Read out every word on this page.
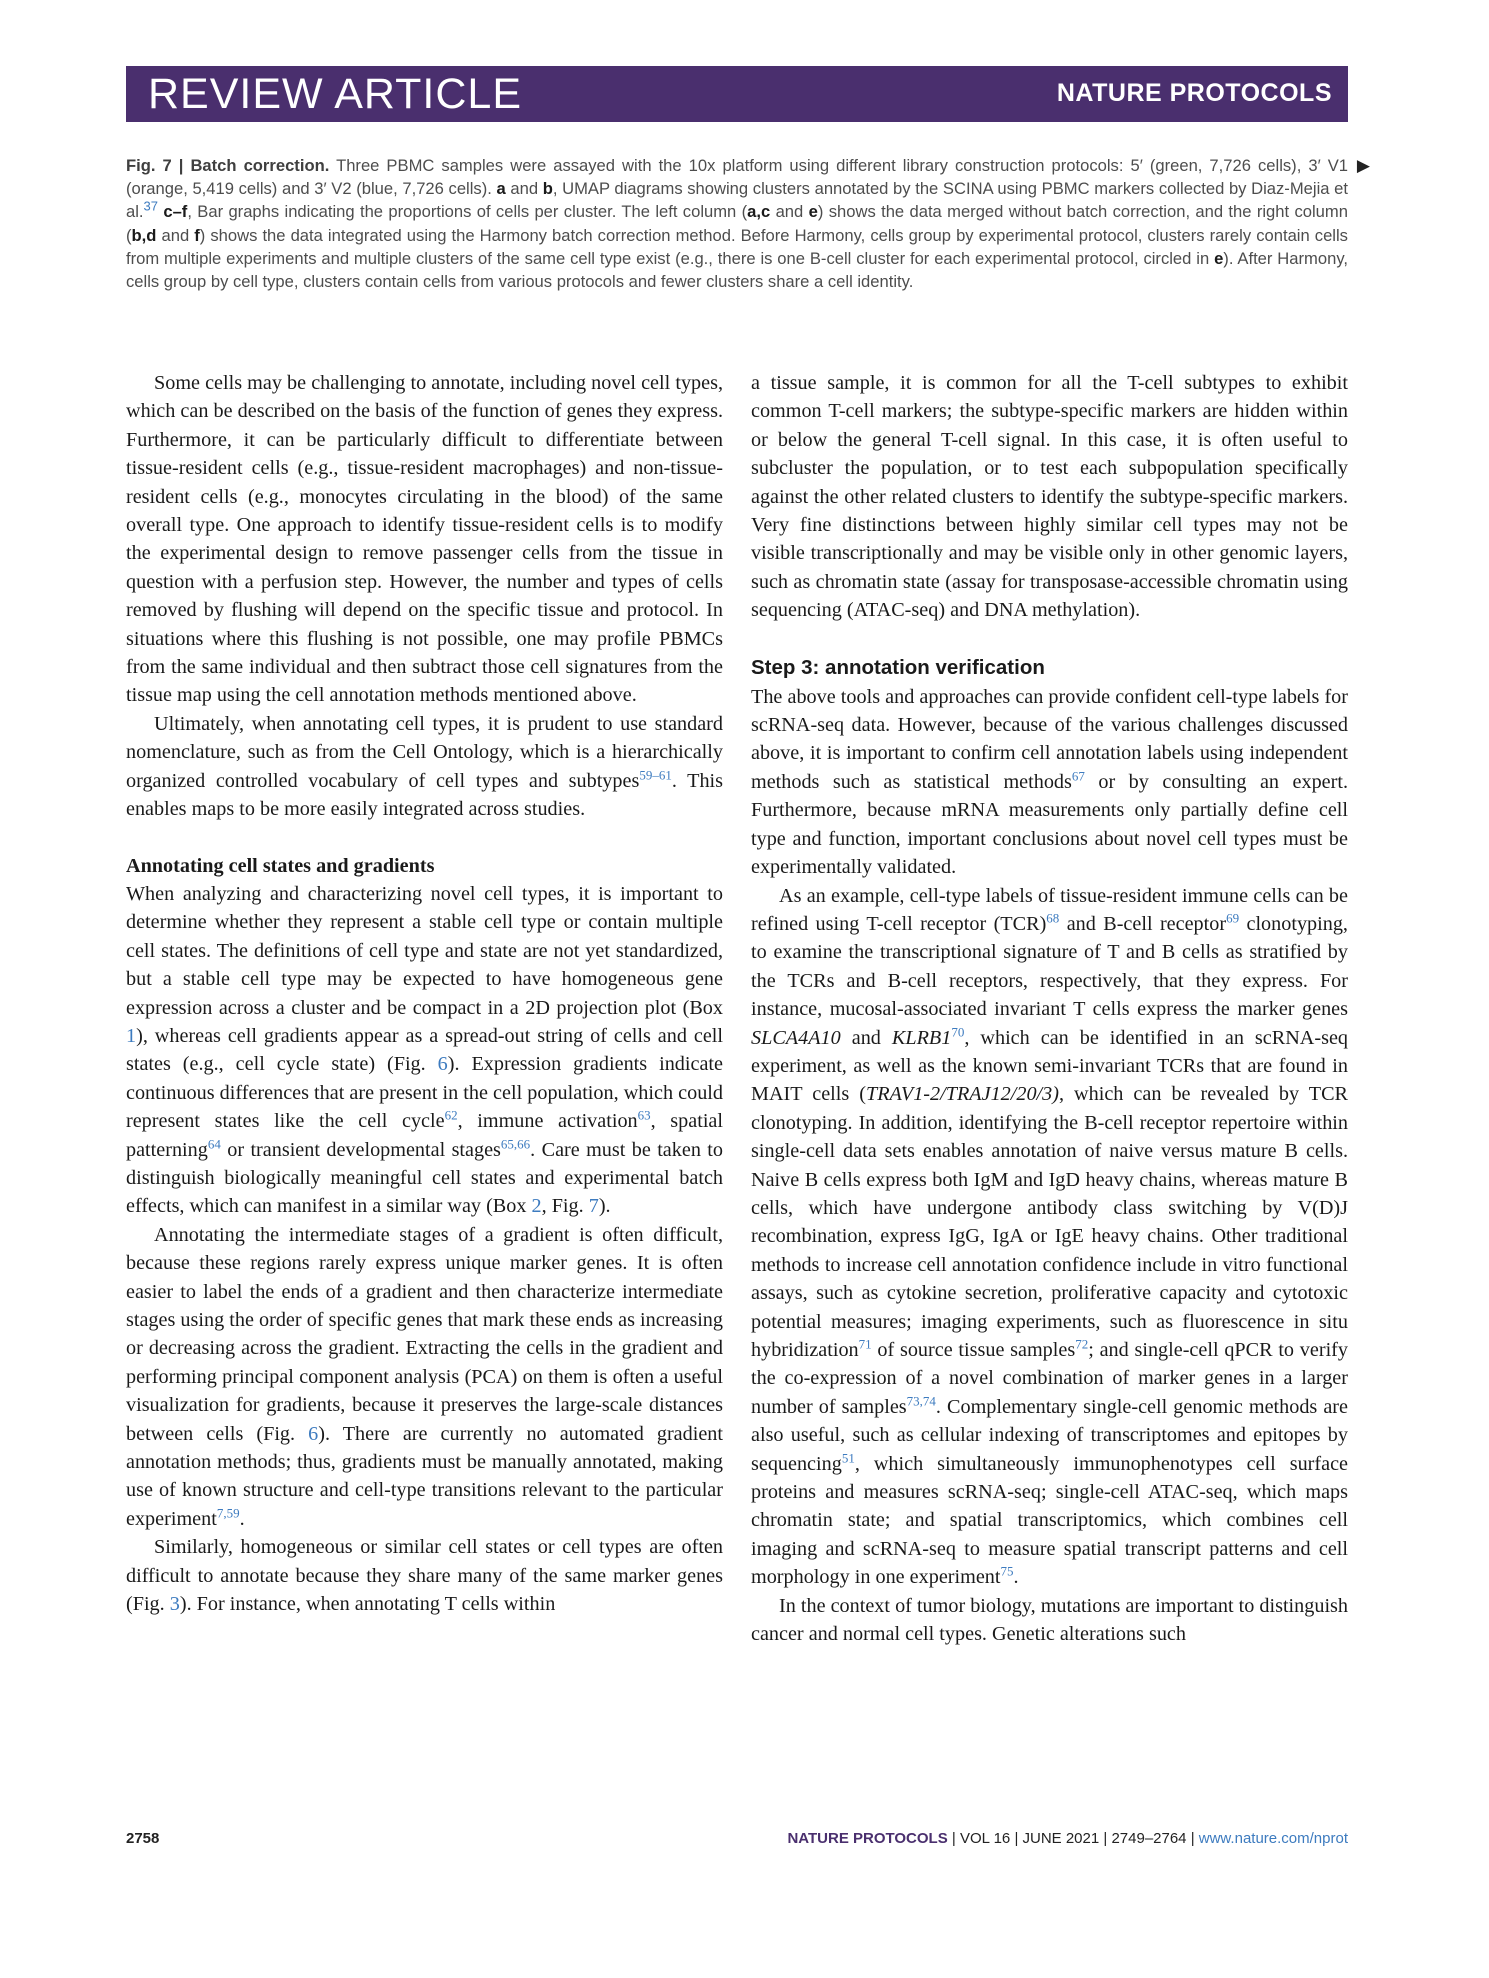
REVIEW ARTICLE	NATURE PROTOCOLS
Fig. 7 | Batch correction. Three PBMC samples were assayed with the 10x platform using different library construction protocols: 5′ (green, 7,726 cells), 3′ V1 (orange, 5,419 cells) and 3′ V2 (blue, 7,726 cells). a and b, UMAP diagrams showing clusters annotated by the SCINA using PBMC markers collected by Diaz-Mejia et al.$^{37}$ c–f, Bar graphs indicating the proportions of cells per cluster. The left column (a,c and e) shows the data merged without batch correction, and the right column (b,d and f) shows the data integrated using the Harmony batch correction method. Before Harmony, cells group by experimental protocol, clusters rarely contain cells from multiple experiments and multiple clusters of the same cell type exist (e.g., there is one B-cell cluster for each experimental protocol, circled in e). After Harmony, cells group by cell type, clusters contain cells from various protocols and fewer clusters share a cell identity.
▶

Some cells may be challenging to annotate, including novel cell types, which can be described on the basis of the function of genes they express. Furthermore, it can be particularly difficult to differentiate between tissue-resident cells (e.g., tissue-resident macrophages) and non-tissue-resident cells (e.g., monocytes circulating in the blood) of the same overall type. One approach to identify tissue-resident cells is to modify the experimental design to remove passenger cells from the tissue in question with a perfusion step. However, the number and types of cells removed by flushing will depend on the specific tissue and protocol. In situations where this flushing is not possible, one may profile PBMCs from the same individual and then subtract those cell signatures from the tissue map using the cell annotation methods mentioned above.

Ultimately, when annotating cell types, it is prudent to use standard nomenclature, such as from the Cell Ontology, which is a hierarchically organized controlled vocabulary of cell types and subtypes$^{59-61}$. This enables maps to be more easily integrated across studies.

Annotating cell states and gradients

When analyzing and characterizing novel cell types, it is important to determine whether they represent a stable cell type or contain multiple cell states. The definitions of cell type and state are not yet standardized, but a stable cell type may be expected to have homogeneous gene expression across a cluster and be compact in a 2D projection plot (Box 1), whereas cell gradients appear as a spread-out string of cells and cell states (e.g., cell cycle state) (Fig. 6). Expression gradients indicate continuous differences that are present in the cell population, which could represent states like the cell cycle$^{62}$, immune activation$^{63}$, spatial patterning$^{64}$ or transient developmental stages$^{65,66}$. Care must be taken to distinguish biologically meaningful cell states and experimental batch effects, which can manifest in a similar way (Box 2, Fig. 7).

Annotating the intermediate stages of a gradient is often difficult, because these regions rarely express unique marker genes. It is often easier to label the ends of a gradient and then characterize intermediate stages using the order of specific genes that mark these ends as increasing or decreasing across the gradient. Extracting the cells in the gradient and performing principal component analysis (PCA) on them is often a useful visualization for gradients, because it preserves the large-scale distances between cells (Fig. 6). There are currently no automated gradient annotation methods; thus, gradients must be manually annotated, making use of known structure and cell-type transitions relevant to the particular experiment$^{7,59}$.

Similarly, homogeneous or similar cell states or cell types are often difficult to annotate because they share many of the same marker genes (Fig. 3). For instance, when annotating T cells within

a tissue sample, it is common for all the T-cell subtypes to exhibit common T-cell markers; the subtype-specific markers are hidden within or below the general T-cell signal. In this case, it is often useful to subcluster the population, or to test each subpopulation specifically against the other related clusters to identify the subtype-specific markers. Very fine distinctions between highly similar cell types may not be visible transcriptionally and may be visible only in other genomic layers, such as chromatin state (assay for transposase-accessible chromatin using sequencing (ATAC-seq) and DNA methylation).

Step 3: annotation verification

The above tools and approaches can provide confident cell-type labels for scRNA-seq data. However, because of the various challenges discussed above, it is important to confirm cell annotation labels using independent methods such as statistical methods$^{67}$ or by consulting an expert. Furthermore, because mRNA measurements only partially define cell type and function, important conclusions about novel cell types must be experimentally validated.

As an example, cell-type labels of tissue-resident immune cells can be refined using T-cell receptor (TCR)$^{68}$ and B-cell receptor$^{69}$ clonotyping, to examine the transcriptional signature of T and B cells as stratified by the TCRs and B-cell receptors, respectively, that they express. For instance, mucosal-associated invariant T cells express the marker genes SLCA4A10 and KLRB1$^{70}$, which can be identified in an scRNA-seq experiment, as well as the known semi-invariant TCRs that are found in MAIT cells (TRAV1-2/TRAJ12/20/3), which can be revealed by TCR clonotyping. In addition, identifying the B-cell receptor repertoire within single-cell data sets enables annotation of naive versus mature B cells. Naive B cells express both IgM and IgD heavy chains, whereas mature B cells, which have undergone antibody class switching by V(D)J recombination, express IgG, IgA or IgE heavy chains. Other traditional methods to increase cell annotation confidence include in vitro functional assays, such as cytokine secretion, proliferative capacity and cytotoxic potential measures; imaging experiments, such as fluorescence in situ hybridization$^{71}$ of source tissue samples$^{72}$; and single-cell qPCR to verify the co-expression of a novel combination of marker genes in a larger number of samples$^{73,74}$. Complementary single-cell genomic methods are also useful, such as cellular indexing of transcriptomes and epitopes by sequencing$^{51}$, which simultaneously immunophenotypes cell surface proteins and measures scRNA-seq; single-cell ATAC-seq, which maps chromatin state; and spatial transcriptomics, which combines cell imaging and scRNA-seq to measure spatial transcript patterns and cell morphology in one experiment$^{75}$.

In the context of tumor biology, mutations are important to distinguish cancer and normal cell types. Genetic alterations such

2758	NATURE PROTOCOLS | VOL 16 | JUNE 2021 | 2749–2764 | www.nature.com/nprot
